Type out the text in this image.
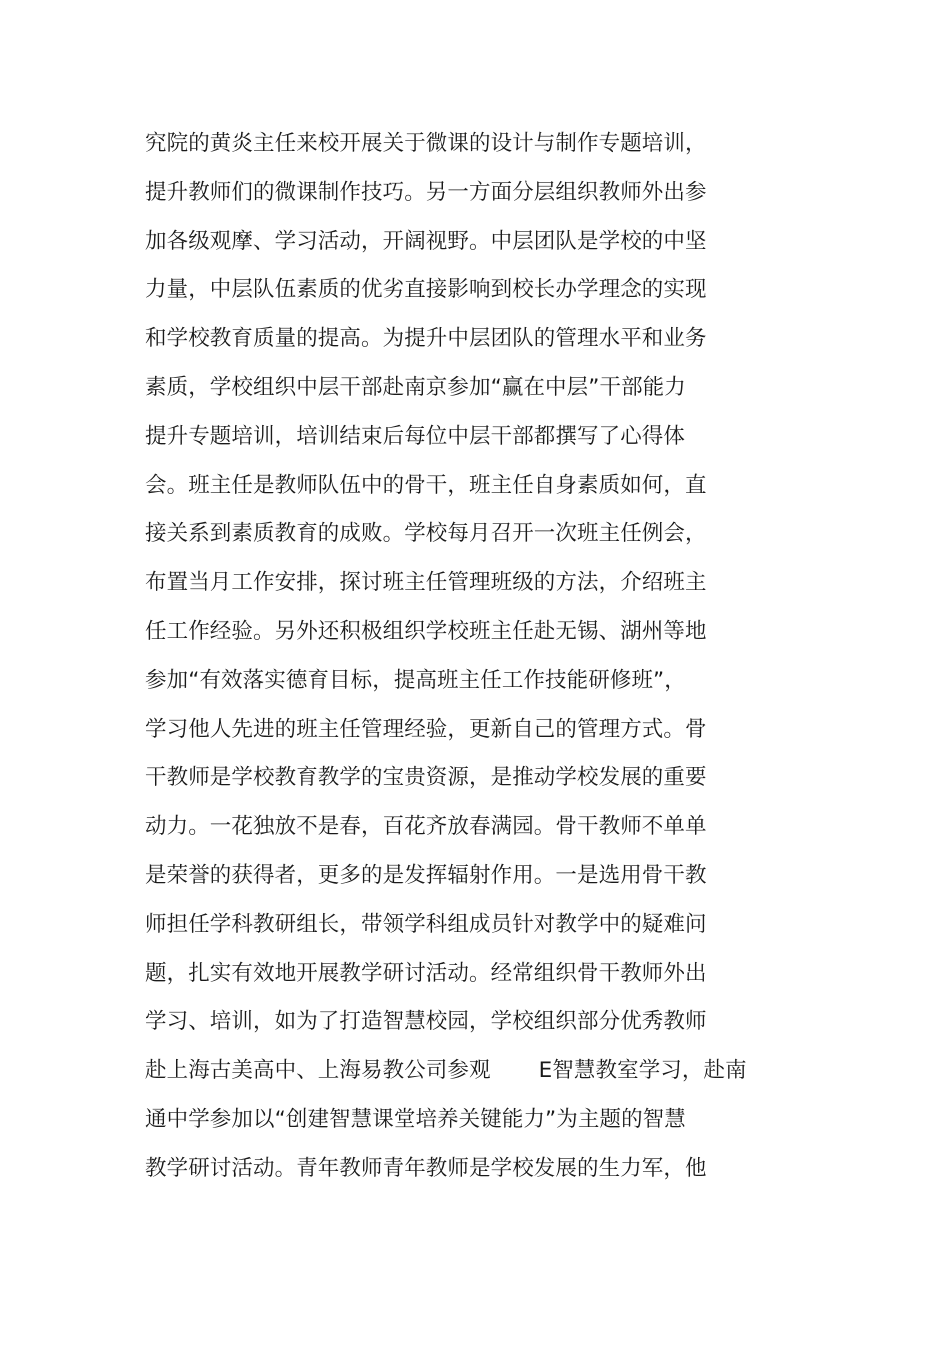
究院的黄炎主任来校开展关于微课的设计与制作专题培训，
提升教师们的微课制作技巧。另一方面分层组织教师外出参
加各级观摩、学习活动，开阔视野。中层团队是学校的中坚
力量，中层队伍素质的优劣直接影响到校长办学理念的实现
和学校教育质量的提高。为提升中层团队的管理水平和业务
素质，学校组织中层干部赴南京参加“赢在中层”干部能力
提升专题培训，培训结束后每位中层干部都撰写了心得体
会。班主任是教师队伍中的骨干，班主任自身素质如何，直
接关系到素质教育的成败。学校每月召开一次班主任例会，
布置当月工作安排，探讨班主任管理班级的方法，介绍班主
任工作经验。另外还积极组织学校班主任赴无锡、湖州等地
参加“有效落实德育目标，提高班主任工作技能研修班”，
学习他人先进的班主任管理经验，更新自己的管理方式。骨
干教师是学校教育教学的宝贵资源，是推动学校发展的重要
动力。一花独放不是春，百花齐放春满园。骨干教师不单单
是荣誉的获得者，更多的是发挥辐射作用。一是选用骨干教
师担任学科教研组长，带领学科组成员针对教学中的疑难问
题，扎实有效地开展教学研讨活动。经常组织骨干教师外出
学习、培训，如为了打造智慧校园，学校组织部分优秀教师
赴上海古美高中、上海易教公司参观 E智慧教室学习，赴南
通中学参加以“创建智慧课堂培养关键能力”为主题的智慧
教学研讨活动。青年教师青年教师是学校发展的生力军，他
